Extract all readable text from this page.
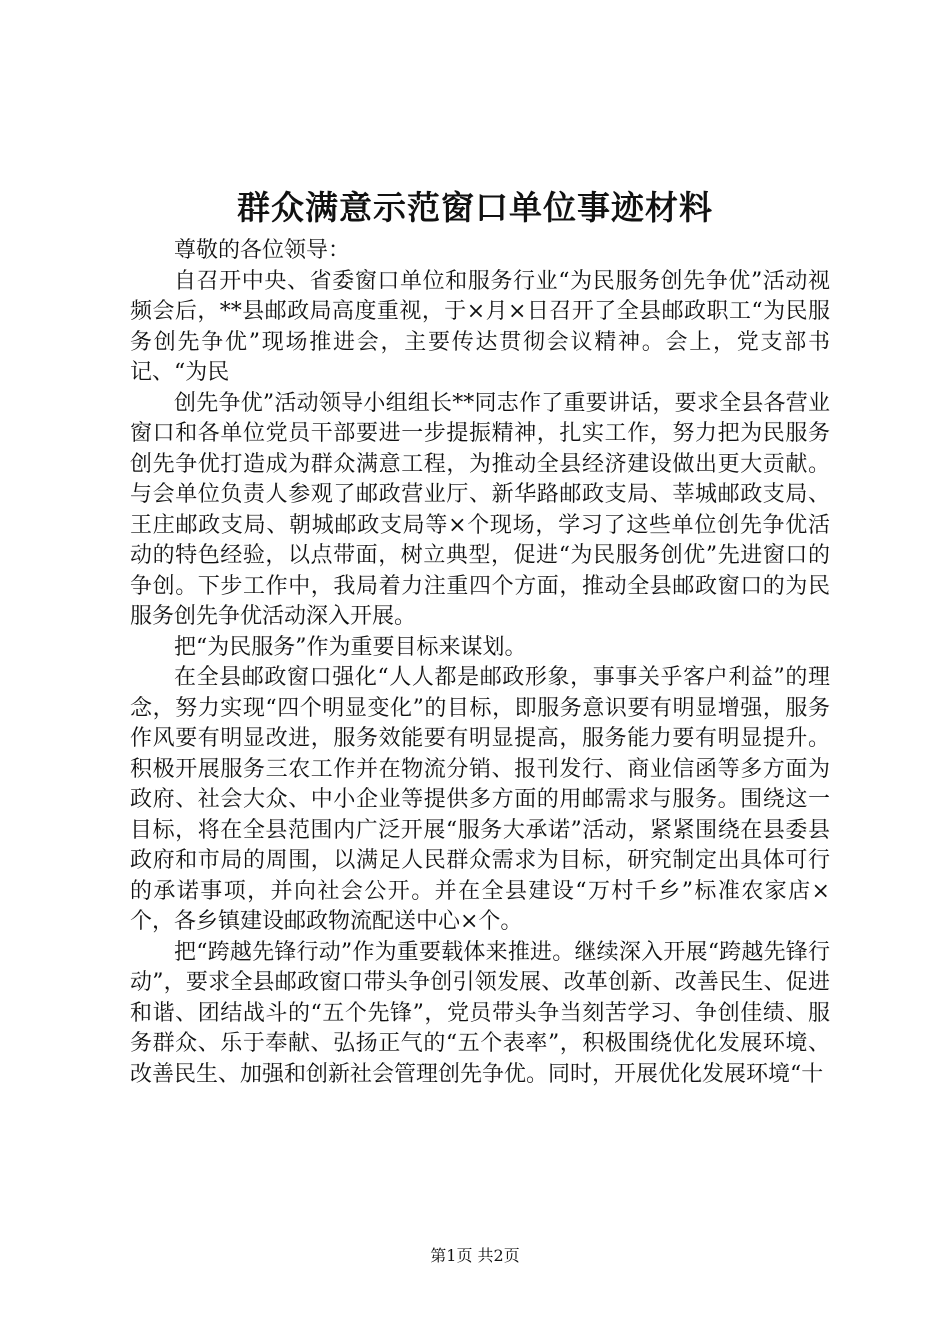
群众满意示范窗口单位事迹材料

尊敬的各位领导：

自召开中央、省委窗口单位和服务行业“为民服务创先争优”活动视频会后，**县邮政局高度重视，于×月×日召开了全县邮政职工“为民服务创先争优”现场推进会，主要传达贯彻会议精神。会上，党支部书记、“为民

创先争优”活动领导小组组长**同志作了重要讲话，要求全县各营业窗口和各单位党员干部要进一步提振精神，扎实工作，努力把为民服务创先争优打造成为群众满意工程，为推动全县经济建设做出更大贡献。与会单位负责人参观了邮政营业厅、新华路邮政支局、莘城邮政支局、王庄邮政支局、朝城邮政支局等×个现场，学习了这些单位创先争优活动的特色经验，以点带面，树立典型，促进“为民服务创优”先进窗口的争创。下步工作中，我局着力注重四个方面，推动全县邮政窗口的为民服务创先争优活动深入开展。

把“为民服务”作为重要目标来谋划。

在全县邮政窗口强化“人人都是邮政形象，事事关乎客户利益”的理念，努力实现“四个明显变化”的目标，即服务意识要有明显增强，服务作风要有明显改进，服务效能要有明显提高，服务能力要有明显提升。积极开展服务三农工作并在物流分销、报刊发行、商业信函等多方面为政府、社会大众、中小企业等提供多方面的用邮需求与服务。围绕这一目标，将在全县范围内广泛开展“服务大承诺”活动，紧紧围绕在县委县政府和市局的周围，以满足人民群众需求为目标，研究制定出具体可行的承诺事项，并向社会公开。并在全县建设“万村千乡”标准农家店×个，各乡镇建设邮政物流配送中心×个。

把“跨越先锋行动”作为重要载体来推进。继续深入开展“跨越先锋行动”，要求全县邮政窗口带头争创引领发展、改革创新、改善民生、促进和谐、团结战斗的“五个先锋”，党员带头争当刻苦学习、争创佳绩、服务群众、乐于奉献、弘扬正气的“五个表率”，积极围绕优化发展环境、改善民生、加强和创新社会管理创先争优。同时，开展优化发展环境“十

第1页 共2页
